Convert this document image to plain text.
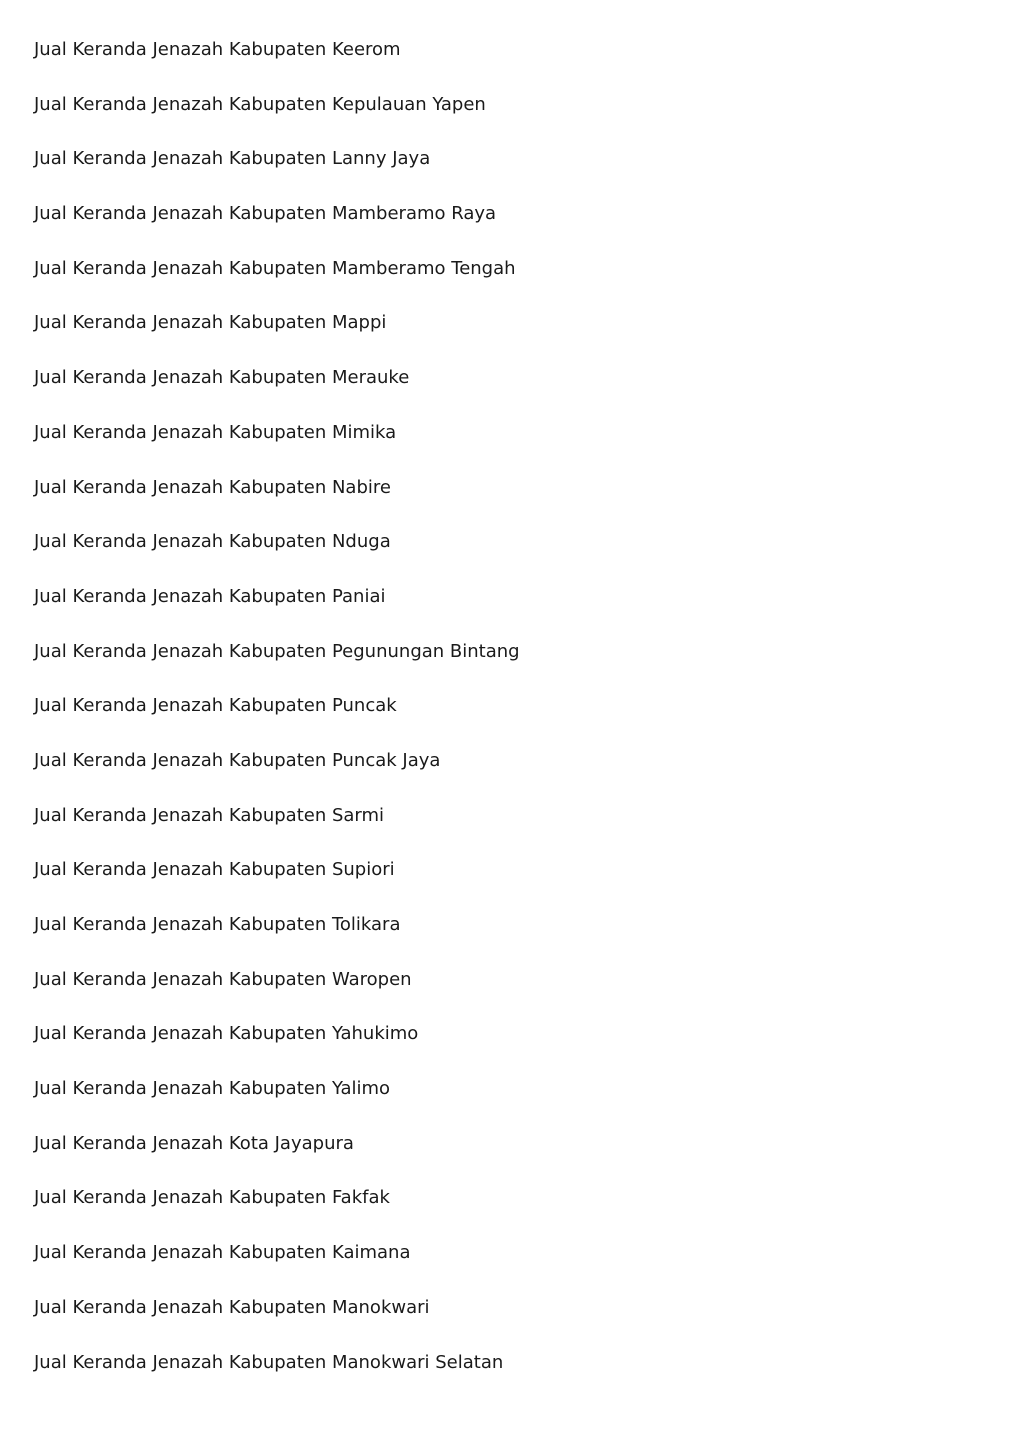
Jual Keranda Jenazah Kabupaten Keerom
Jual Keranda Jenazah Kabupaten Kepulauan Yapen
Jual Keranda Jenazah Kabupaten Lanny Jaya
Jual Keranda Jenazah Kabupaten Mamberamo Raya
Jual Keranda Jenazah Kabupaten Mamberamo Tengah
Jual Keranda Jenazah Kabupaten Mappi
Jual Keranda Jenazah Kabupaten Merauke
Jual Keranda Jenazah Kabupaten Mimika
Jual Keranda Jenazah Kabupaten Nabire
Jual Keranda Jenazah Kabupaten Nduga
Jual Keranda Jenazah Kabupaten Paniai
Jual Keranda Jenazah Kabupaten Pegunungan Bintang
Jual Keranda Jenazah Kabupaten Puncak
Jual Keranda Jenazah Kabupaten Puncak Jaya
Jual Keranda Jenazah Kabupaten Sarmi
Jual Keranda Jenazah Kabupaten Supiori
Jual Keranda Jenazah Kabupaten Tolikara
Jual Keranda Jenazah Kabupaten Waropen
Jual Keranda Jenazah Kabupaten Yahukimo
Jual Keranda Jenazah Kabupaten Yalimo
Jual Keranda Jenazah Kota Jayapura
Jual Keranda Jenazah Kabupaten Fakfak
Jual Keranda Jenazah Kabupaten Kaimana
Jual Keranda Jenazah Kabupaten Manokwari
Jual Keranda Jenazah Kabupaten Manokwari Selatan
